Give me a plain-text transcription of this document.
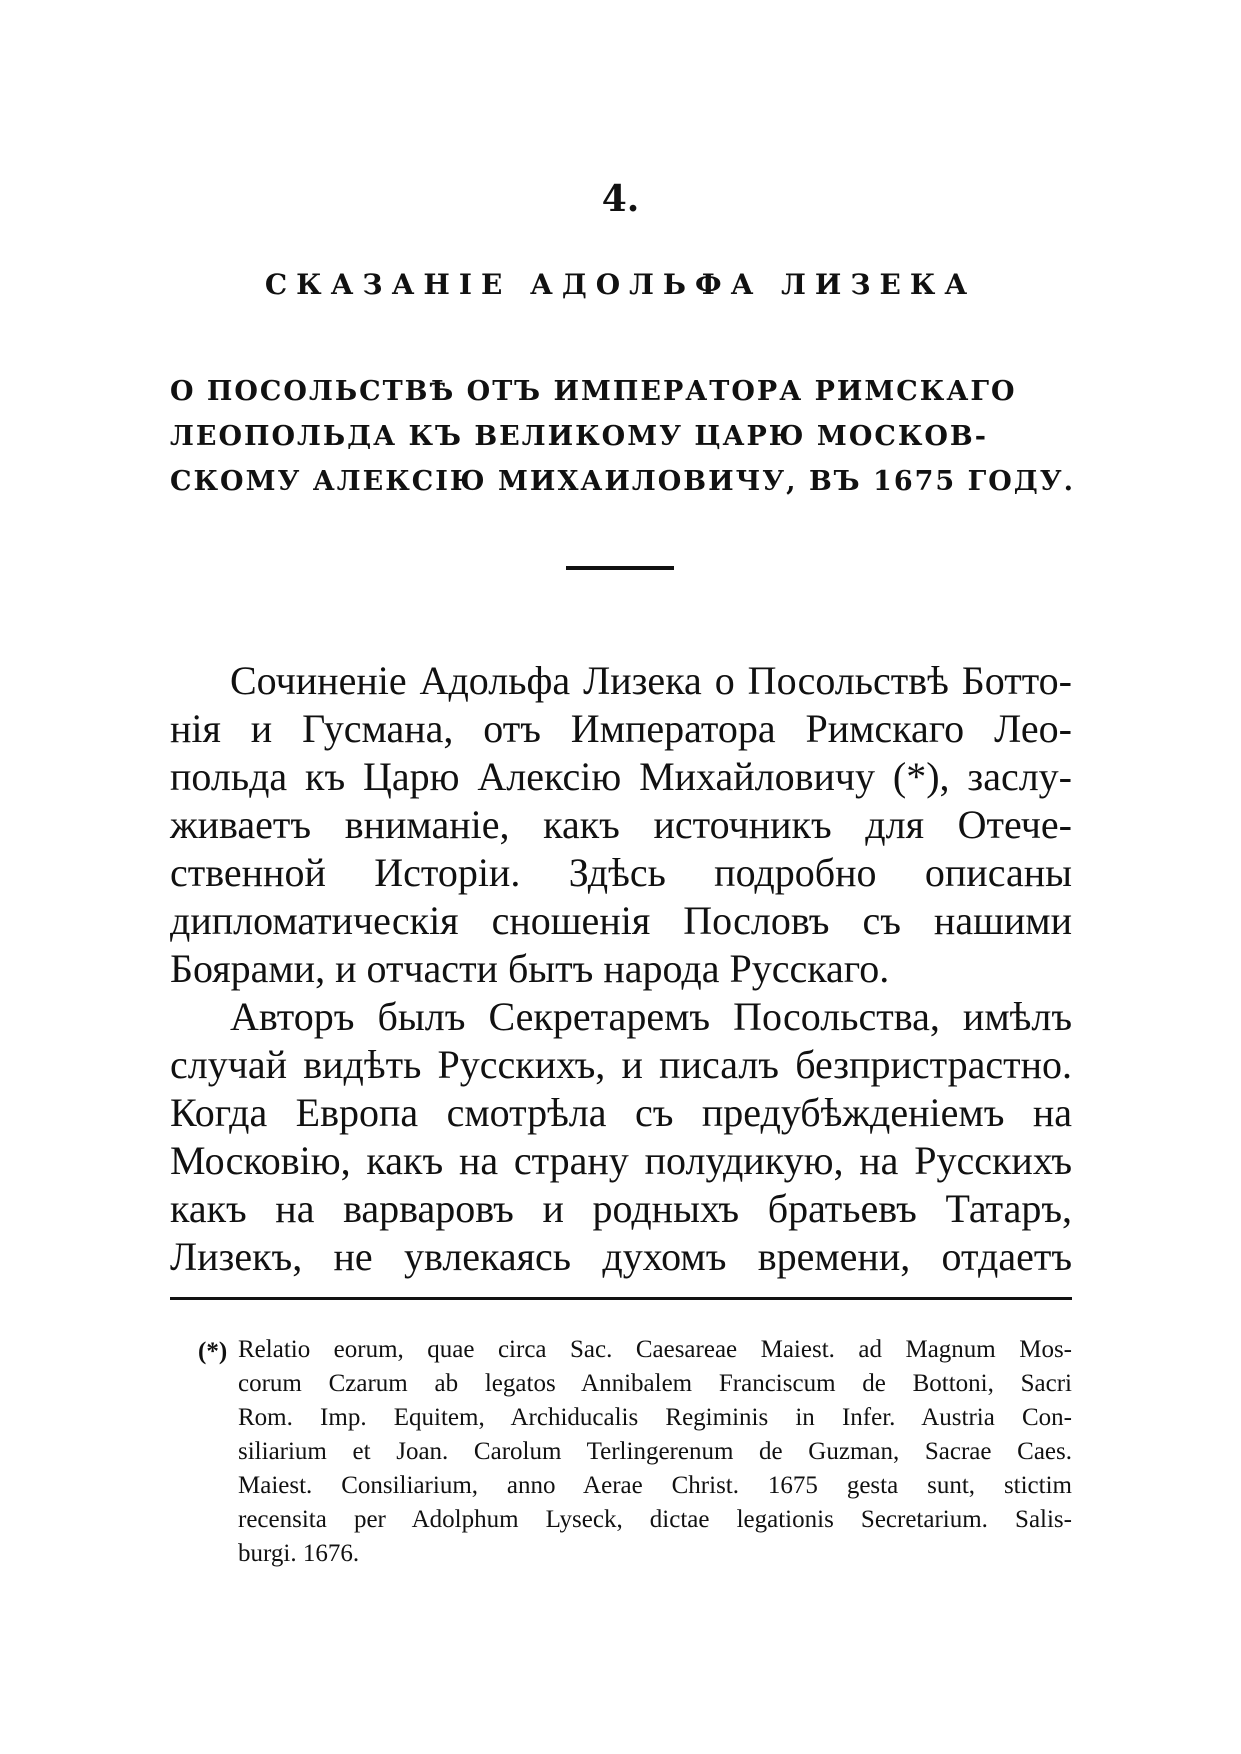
4.
СКАЗАНІЕ АДОЛЬФА ЛИЗЕКА
О ПОСОЛЬСТВѢ ОТЪ ИМПЕРАТОРА РИМСКАГО
ЛЕОПОЛЬДА КЪ ВЕЛИКОМУ ЦАРЮ МОСКОВ-
СКОМУ АЛЕКСІЮ МИХАИЛОВИЧУ, ВЪ 1675 ГОДУ.
Сочиненіе Адольфа Лизека о Посольствѣ Ботто-
нія и Гусмана, отъ Императора Римскаго Лео-
польда къ Царю Алексію Михайловичу (*), заслу-
живаетъ вниманіе, какъ источникъ для Отече-
ственной Исторіи. Здѣсь подробно описаны
дипломатическія сношенія Пословъ съ нашими
Боярами, и отчасти бытъ народа Русскаго.
Авторъ былъ Секретаремъ Посольства, имѣлъ
случай видѣть Русскихъ, и писалъ безпристрастно.
Когда Европа смотрѣла съ предубѣжденіемъ на
Московію, какъ на страну полудикую, на Русскихъ
какъ на варваровъ и родныхъ братьевъ Татаръ,
Лизекъ, не увлекаясь духомъ времени, отдаетъ
(*) Relatio eorum, quae circa Sac. Caesareae Maiest. ad Magnum Mos-
corum Czarum ab legatos Annibalem Franciscum de Bottoni, Sacri
Rom. Imp. Equitem, Archiducalis Regiminis in Infer. Austria Con-
siliarium et Joan. Carolum Terlingerenum de Guzman, Sacrae Caes.
Maiest. Consiliarium, anno Aerae Christ. 1675 gesta sunt, stictim
recensita per Adolphum Lyseck, dictae legationis Secretarium. Salis-
burgi. 1676.
